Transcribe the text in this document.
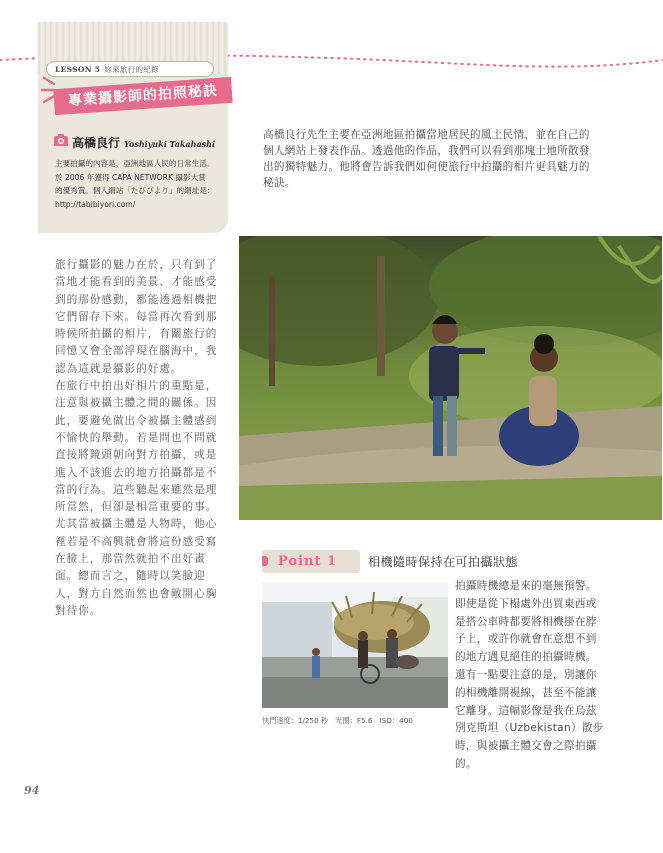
LESSON 5 妳來旅行的紀錄
專業攝影師的拍照秘訣
高橋良行 Yoshiyuki Takahashi
主要拍攝的內容是，亞洲地區人民的日常生活。
於 2006 年獲得 CAPA NETWORK 攝影大賞
的優秀賞。個人網站「たびびより」的網址是：
http://tabibiyori.com/
高橋良行先生主要在亞洲地區拍攝當地居民的風土民情，並在自己的個人網站上發表作品。透過他的作品，我們可以看到那塊土地所散發出的獨特魅力。他將會告訴我們如何使旅行中拍攝的相片更具魅力的秘訣。

旅行攝影的魅力在於，只有到了當地才能看到的美景、才能感受到的那份感動，都能透過相機把它們留存下來。每當再次看到那時候所拍攝的相片，有關旅行的回憶又會全部浮現在腦海中，我認為這就是攝影的好處。

在旅行中拍出好相片的重點是，注意與被攝主體之間的關係。因此，要避免做出令被攝主體感到不愉快的舉動。若是問也不問就直接將鏡頭朝向對方拍攝，或是進入不該進去的地方拍攝都是不當的行為。這些聽起來雖然是理所當然，但卻是相當重要的事。

尤其當被攝主體是人物時，他心裡若是不高興就會將這份感受寫在臉上，那當然就拍不出好畫面。總而言之，隨時以笑臉迎人，對方自然而然也會敞開心胸對待你。

Point 1	相機隨時保持在可拍攝狀態
快門速度：1/250 秒　光圈：F5.6　ISO：400
拍攝時機總是來的毫無預警。即使是從下榻處外出買東西或是搭公車時都要將相機掛在脖子上，或許你就會在意想不到的地方遇見絕佳的拍攝時機。還有一點要注意的是，別讓你的相機離開視線，甚至不能讓它離身。這幅影像是我在烏茲別克斯坦（Uzbekistan）散步時，與被攝主體交會之際拍攝的。
94
